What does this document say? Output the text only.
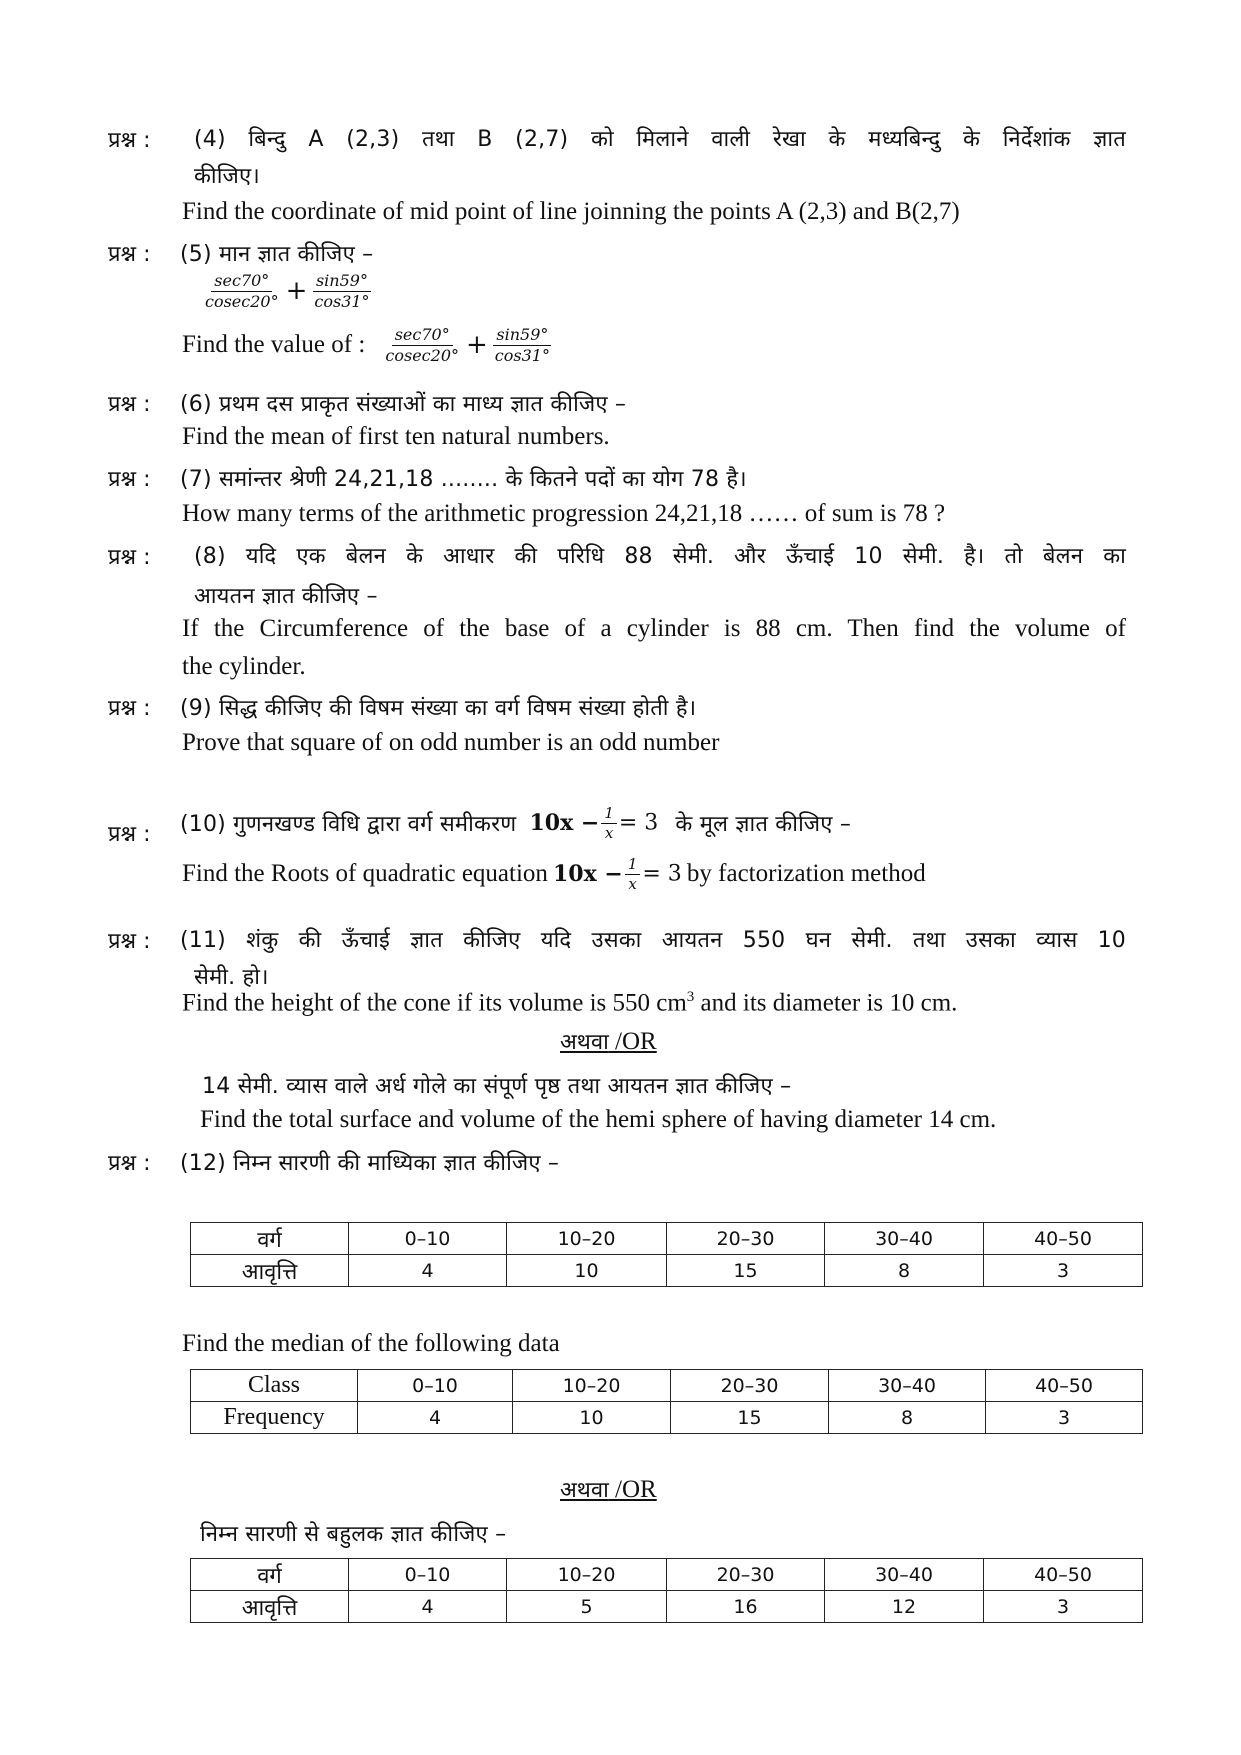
प्रश्न : (4) बिन्दु A (2,3) तथा B (2,7) को मिलाने वाली रेखा के मध्यबिन्दु के निर्देशांक ज्ञात
कीजिए।
Find the coordinate of mid point of line joinning the points A (2,3) and B(2,7)
प्रश्न : (5) मान ज्ञात कीजिए –
$\frac{\sec 70^\circ}{cosec20^\circ} + \frac{\sin 59^\circ}{\cos 31^\circ}$
Find the value of : $\frac{\sec 70^\circ}{cosec20^\circ} + \frac{\sin 59^\circ}{\cos 31^\circ}$
प्रश्न : (6) प्रथम दस प्राकृत संख्याओं का माध्य ज्ञात कीजिए –
Find the mean of first ten natural numbers.
प्रश्न : (7) समांन्तर श्रेणी 24,21,18 ........ के कितने पदों का योग 78 है।
How many terms of the arithmetic progression 24,21,18 …… of sum is 78 ?
प्रश्न : (8) यदि एक बेलन के आधार की परिधि 88 सेमी. और ऊँचाई 10 सेमी. है। तो बेलन का
आयतन ज्ञात कीजिए –
If the Circumference of the base of a cylinder is 88 cm. Then find the volume of
the cylinder.
प्रश्न : (9) सिद्ध कीजिए की विषम संख्या का वर्ग विषम संख्या होती है।
Prove that square of on odd number is an odd number
प्रश्न : (10) गुणनखण्ड विधि द्वारा वर्ग समीकरण $10x - \frac{1}{x} = 3$ के मूल ज्ञात कीजिए –
Find the Roots of quadratic equation $10x - \frac{1}{x} = 3$ by factorization method
प्रश्न : (11) शंकु की ऊँचाई ज्ञात कीजिए यदि उसका आयतन 550 घन सेमी. तथा उसका व्यास 10
सेमी. हो।
Find the height of the cone if its volume is 550 $cm^3$ and its diameter is 10 cm.
अथवा /OR
14 सेमी. व्यास वाले अर्ध गोले का संपूर्ण पृष्ठ तथा आयतन ज्ञात कीजिए –
Find the total surface and volume of the hemi sphere of having diameter 14 cm.
प्रश्न : (12) निम्न सारणी की माध्यिका ज्ञात कीजिए –
वर्ग	0–10	10–20	20–30	30–40	40–50
आवृत्ति	4	10	15	8	3
Find the median of the following data
Class	0–10	10–20	20–30	30–40	40–50
Frequency	4	10	15	8	3
अथवा /OR
निम्न सारणी से बहुलक ज्ञात कीजिए –
वर्ग	0–10	10–20	20–30	30–40	40–50
आवृत्ति	4	5	16	12	3
